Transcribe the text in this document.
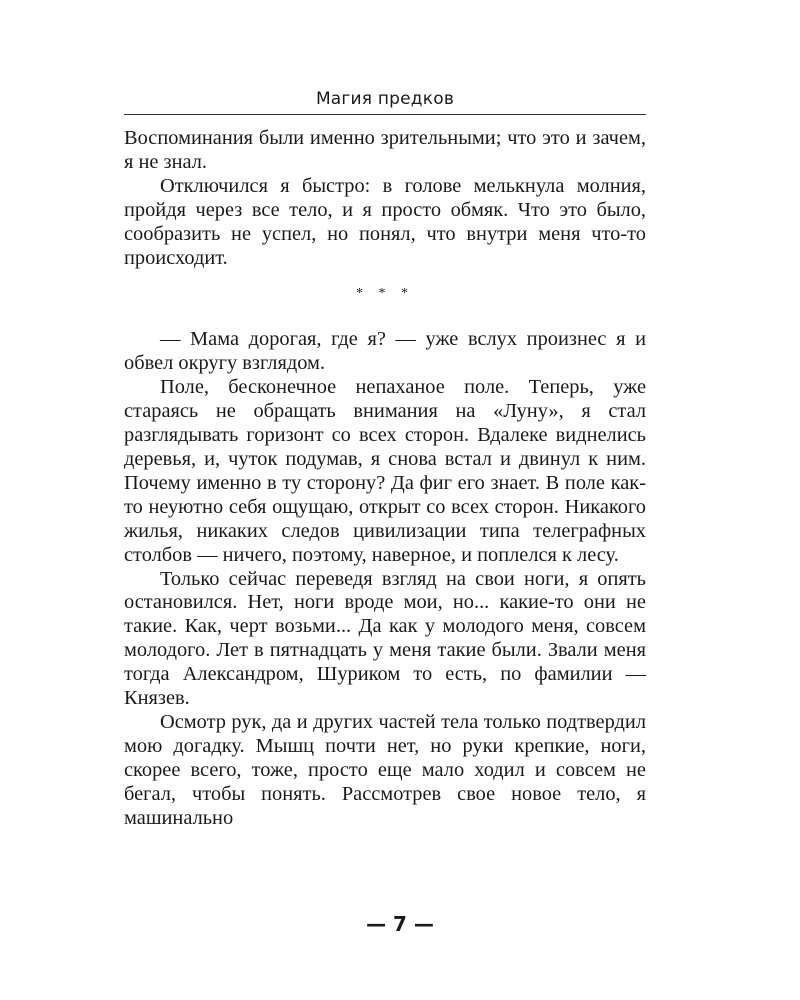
Магия предков

Воспоминания были именно зрительными; что это и зачем, я не знал.

Отключился я быстро: в голове мелькнула молния, пройдя через все тело, и я просто обмяк. Что это было, сообразить не успел, но понял, что внутри меня что-то происходит.

* * *

— Мама дорогая, где я? — уже вслух произнес я и обвел округу взглядом.

Поле, бесконечное непаханое поле. Теперь, уже стараясь не обращать внимания на «Луну», я стал разглядывать горизонт со всех сторон. Вдалеке виднелись деревья, и, чуток подумав, я снова встал и двинул к ним. Почему именно в ту сторону? Да фиг его знает. В поле как-то неуютно себя ощущаю, открыт со всех сторон. Никакого жилья, никаких следов цивилизации типа телеграфных столбов — ничего, поэтому, наверное, и поплелся к лесу.

Только сейчас переведя взгляд на свои ноги, я опять остановился. Нет, ноги вроде мои, но... какие-то они не такие. Как, черт возьми... Да как у молодого меня, совсем молодого. Лет в пятнадцать у меня такие были. Звали меня тогда Александром, Шуриком то есть, по фамилии — Князев.

Осмотр рук, да и других частей тела только подтвердил мою догадку. Мышц почти нет, но руки крепкие, ноги, скорее всего, тоже, просто еще мало ходил и совсем не бегал, чтобы понять. Рассмотрев свое новое тело, я машинально

— 7 —
